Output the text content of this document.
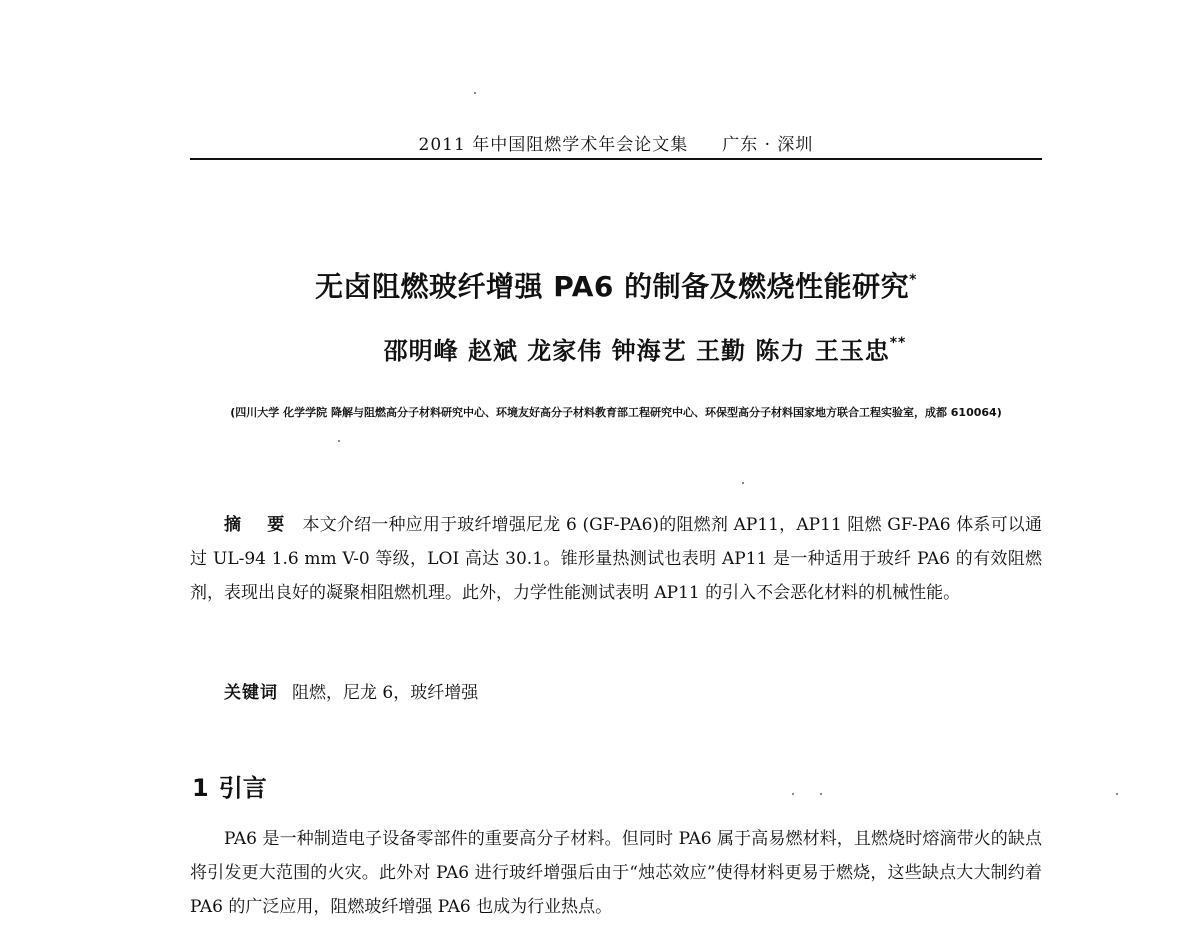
2011 年中国阻燃学术年会论文集 广东 · 深圳
无卤阻燃玻纤增强 PA6 的制备及燃烧性能研究*
邵明峰 赵斌 龙家伟 钟海艺 王勤 陈力 王玉忠**
(四川大学 化学学院 降解与阻燃高分子材料研究中心、环境友好高分子材料教育部工程研究中心、环保型高分子材料国家地方联合工程实验室，成都 610064)
摘 要 本文介绍一种应用于玻纤增强尼龙 6 (GF-PA6)的阻燃剂 AP11，AP11 阻燃 GF-PA6 体系可以通过 UL-94 1.6 mm V-0 等级，LOI 高达 30.1。锥形量热测试也表明 AP11 是一种适用于玻纤 PA6 的有效阻燃剂，表现出良好的凝聚相阻燃机理。此外，力学性能测试表明 AP11 的引入不会恶化材料的机械性能。
关键词 阻燃，尼龙 6，玻纤增强
1 引言
PA6 是一种制造电子设备零部件的重要高分子材料。但同时 PA6 属于高易燃材料，且燃烧时熔滴带火的缺点将引发更大范围的火灾。此外对 PA6 进行玻纤增强后由于“烛芯效应”使得材料更易于燃烧，这些缺点大大制约着 PA6 的广泛应用，阻燃玻纤增强 PA6 也成为行业热点。
